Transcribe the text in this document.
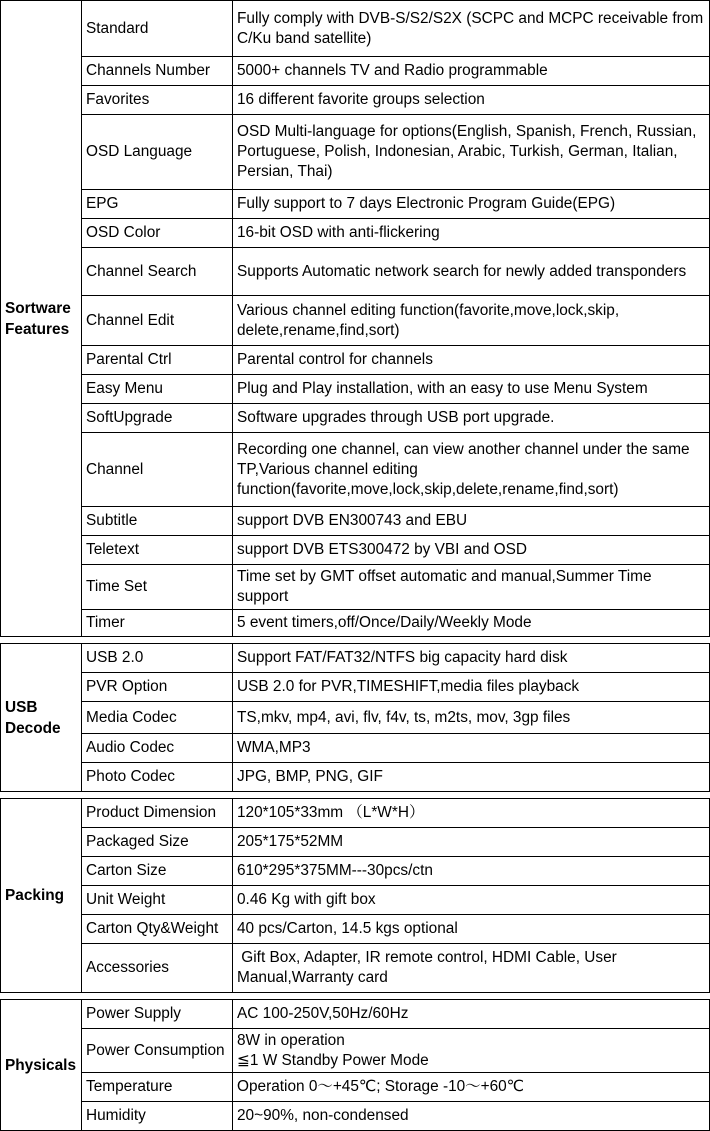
Sortware Features	Standard	Fully comply with DVB-S/S2/S2X (SCPC and MCPC receivable from C/Ku band satellite)
	Channels Number	5000+ channels TV and Radio programmable
	Favorites	16 different favorite groups selection
	OSD Language	OSD Multi-language for options(English, Spanish, French, Russian, Portuguese, Polish, Indonesian, Arabic, Turkish, German, Italian, Persian, Thai)
	EPG	Fully support to 7 days Electronic Program Guide(EPG)
	OSD Color	16-bit OSD with anti-flickering
	Channel Search	Supports Automatic network search for newly added transponders
	Channel Edit	Various channel editing function(favorite,move,lock,skip, delete,rename,find,sort)
	Parental Ctrl	Parental control for channels
	Easy Menu	Plug and Play installation, with an easy to use Menu System
	SoftUpgrade	Software upgrades through USB port upgrade.
	Channel	Recording one channel, can view another channel under the same TP,Various channel editing function(favorite,move,lock,skip,delete,rename,find,sort)
	Subtitle	support DVB EN300743 and EBU
	Teletext	support DVB ETS300472 by VBI and OSD
	Time Set	Time set by GMT offset automatic and manual,Summer Time support
	Timer	5 event timers,off/Once/Daily/Weekly Mode
USB Decode	USB 2.0	Support FAT/FAT32/NTFS big capacity hard disk
	PVR Option	USB 2.0 for PVR,TIMESHIFT,media files playback
	Media Codec	TS,mkv, mp4, avi, flv, f4v, ts, m2ts, mov, 3gp files
	Audio Codec	WMA,MP3
	Photo Codec	JPG, BMP, PNG, GIF
Packing	Product Dimension	120*105*33mm （L*W*H）
	Packaged Size	205*175*52MM
	Carton Size	610*295*375MM---30pcs/ctn
	Unit Weight	0.46 Kg with gift box
	Carton Qty&Weight	40 pcs/Carton, 14.5 kgs optional
	Accessories	Gift Box, Adapter, IR remote control, HDMI Cable, User Manual,Warranty card
Physicals	Power Supply	AC 100-250V,50Hz/60Hz
	Power Consumption	8W in operation
≦1 W Standby Power Mode
	Temperature	Operation 0～+45℃; Storage -10～+60℃
	Humidity	20~90%, non-condensed
